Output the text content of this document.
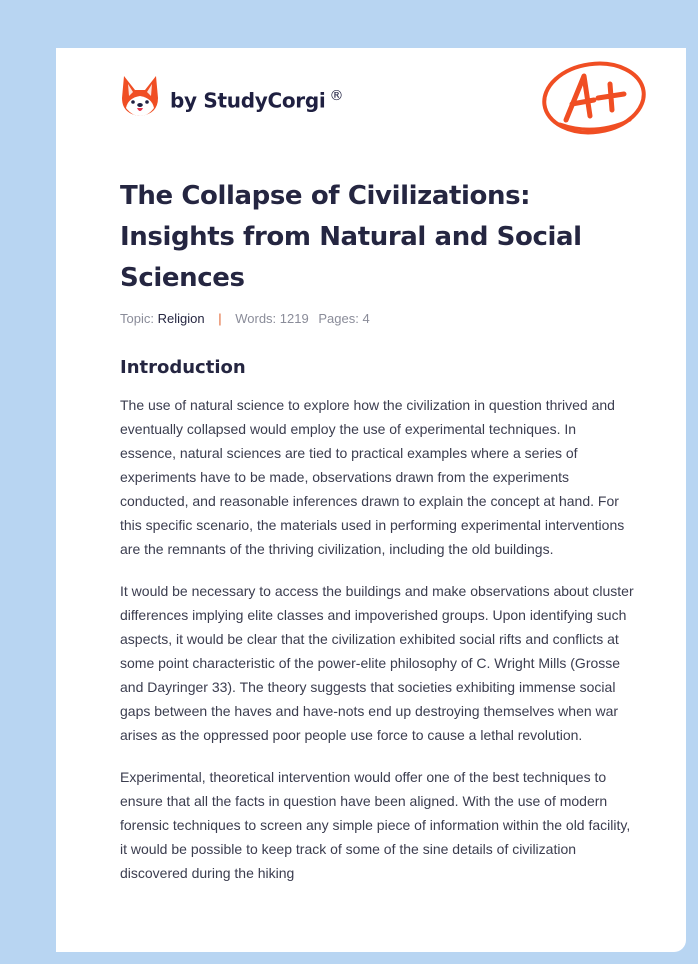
by StudyCorgi ®
The Collapse of Civilizations: Insights from Natural and Social Sciences
Topic: Religion | Words: 1219 Pages: 4
Introduction

The use of natural science to explore how the civilization in question thrived and eventually collapsed would employ the use of experimental techniques. In essence, natural sciences are tied to practical examples where a series of experiments have to be made, observations drawn from the experiments conducted, and reasonable inferences drawn to explain the concept at hand. For this specific scenario, the materials used in performing experimental interventions are the remnants of the thriving civilization, including the old buildings.

It would be necessary to access the buildings and make observations about cluster differences implying elite classes and impoverished groups. Upon identifying such aspects, it would be clear that the civilization exhibited social rifts and conflicts at some point characteristic of the power-elite philosophy of C. Wright Mills (Grosse and Dayringer 33). The theory suggests that societies exhibiting immense social gaps between the haves and have-nots end up destroying themselves when war arises as the oppressed poor people use force to cause a lethal revolution.

Experimental, theoretical intervention would offer one of the best techniques to ensure that all the facts in question have been aligned. With the use of modern forensic techniques to screen any simple piece of information within the old facility, it would be possible to keep track of some of the sine details of civilization discovered during the hiking
